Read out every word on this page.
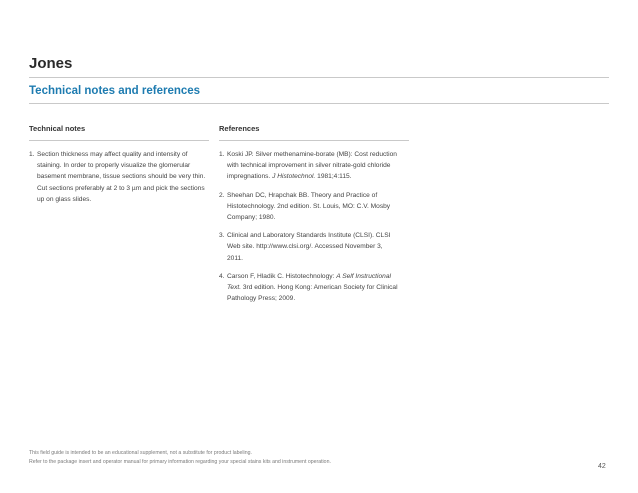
Jones
Technical notes and references
Technical notes
1. Section thickness may affect quality and intensity of
staining. In order to properly visualize the glomerular
basement membrane, tissue sections should be very thin.
Cut sections preferably at 2 to 3 µm and pick the sections
up on glass slides.
References
1. Koski JP. Silver methenamine-borate (MB): Cost reduction
with technical improvement in silver nitrate-gold chloride
impregnations. J Histotechnol. 1981;4:115.
2. Sheehan DC, Hrapchak BB. Theory and Practice of
Histotechnology. 2nd edition. St. Louis, MO: C.V. Mosby
Company; 1980.
3. Clinical and Laboratory Standards Institute (CLSI). CLSI
Web site. http://www.clsi.org/. Accessed November 3,
2011.
4. Carson F, Hladik C. Histotechnology: A Self Instructional
Text. 3rd edition. Hong Kong: American Society for Clinical
Pathology Press; 2009.
This field guide is intended to be an educational supplement, not a substitute for product labeling.
Refer to the package insert and operator manual for primary information regarding your special stains kits and instrument operation.
42
